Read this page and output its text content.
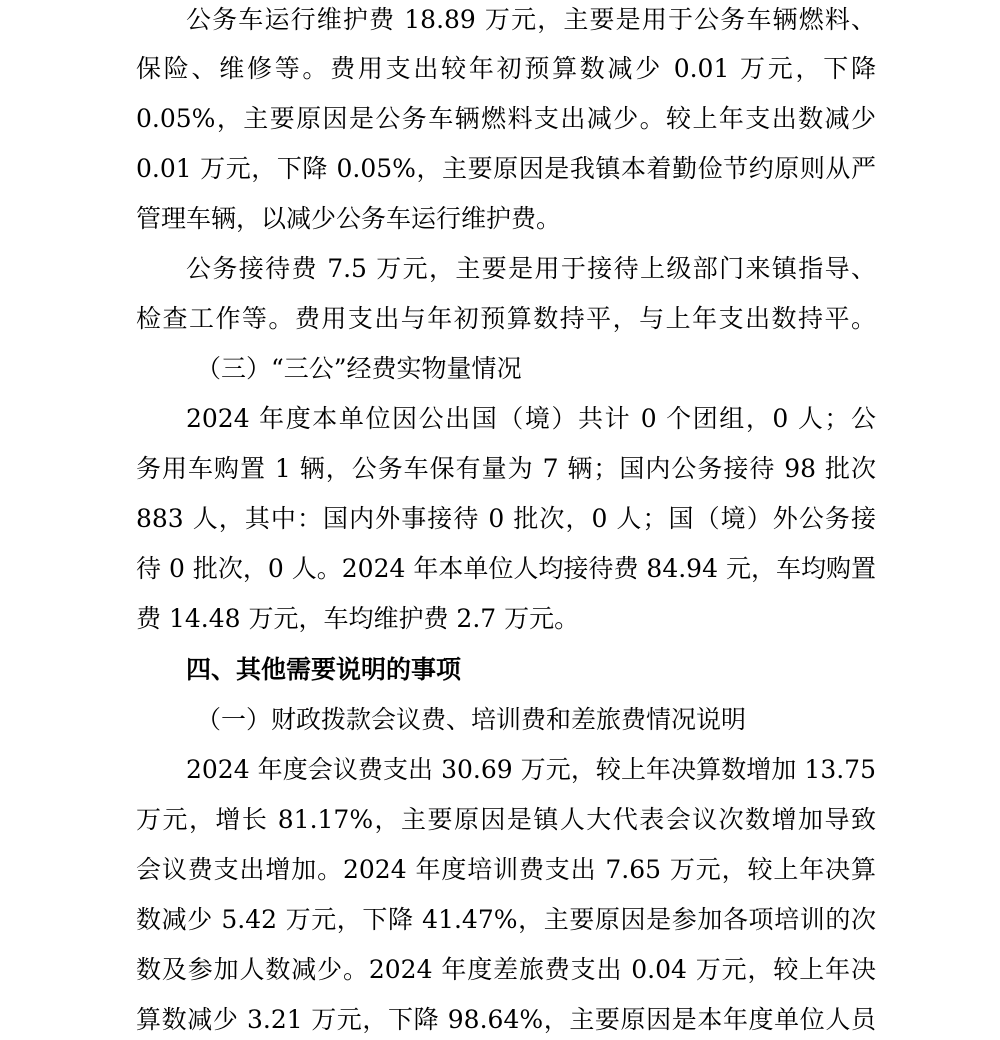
公务车运行维护费 18.89 万元，主要是用于公务车辆燃料、
保险、维修等。费用支出较年初预算数减少 0.01 万元，下降
0.05%，主要原因是公务车辆燃料支出减少。较上年支出数减少
0.01 万元，下降 0.05%，主要原因是我镇本着勤俭节约原则从严
管理车辆，以减少公务车运行维护费。
公务接待费 7.5 万元，主要是用于接待上级部门来镇指导、
检查工作等。费用支出与年初预算数持平，与上年支出数持平。
（三）“三公”经费实物量情况
2024 年度本单位因公出国（境）共计 0 个团组，0 人；公
务用车购置 1 辆，公务车保有量为 7 辆；国内公务接待 98 批次
883 人，其中：国内外事接待 0 批次，0 人；国（境）外公务接
待 0 批次，0 人。2024 年本单位人均接待费 84.94 元，车均购置
费 14.48 万元，车均维护费 2.7 万元。
四、其他需要说明的事项
（一）财政拨款会议费、培训费和差旅费情况说明
2024 年度会议费支出 30.69 万元，较上年决算数增加 13.75
万元，增长 81.17%，主要原因是镇人大代表会议次数增加导致
会议费支出增加。2024 年度培训费支出 7.65 万元，较上年决算
数减少 5.42 万元，下降 41.47%，主要原因是参加各项培训的次
数及参加人数减少。2024 年度差旅费支出 0.04 万元，较上年决
算数减少 3.21 万元，下降 98.64%，主要原因是本年度单位人员
